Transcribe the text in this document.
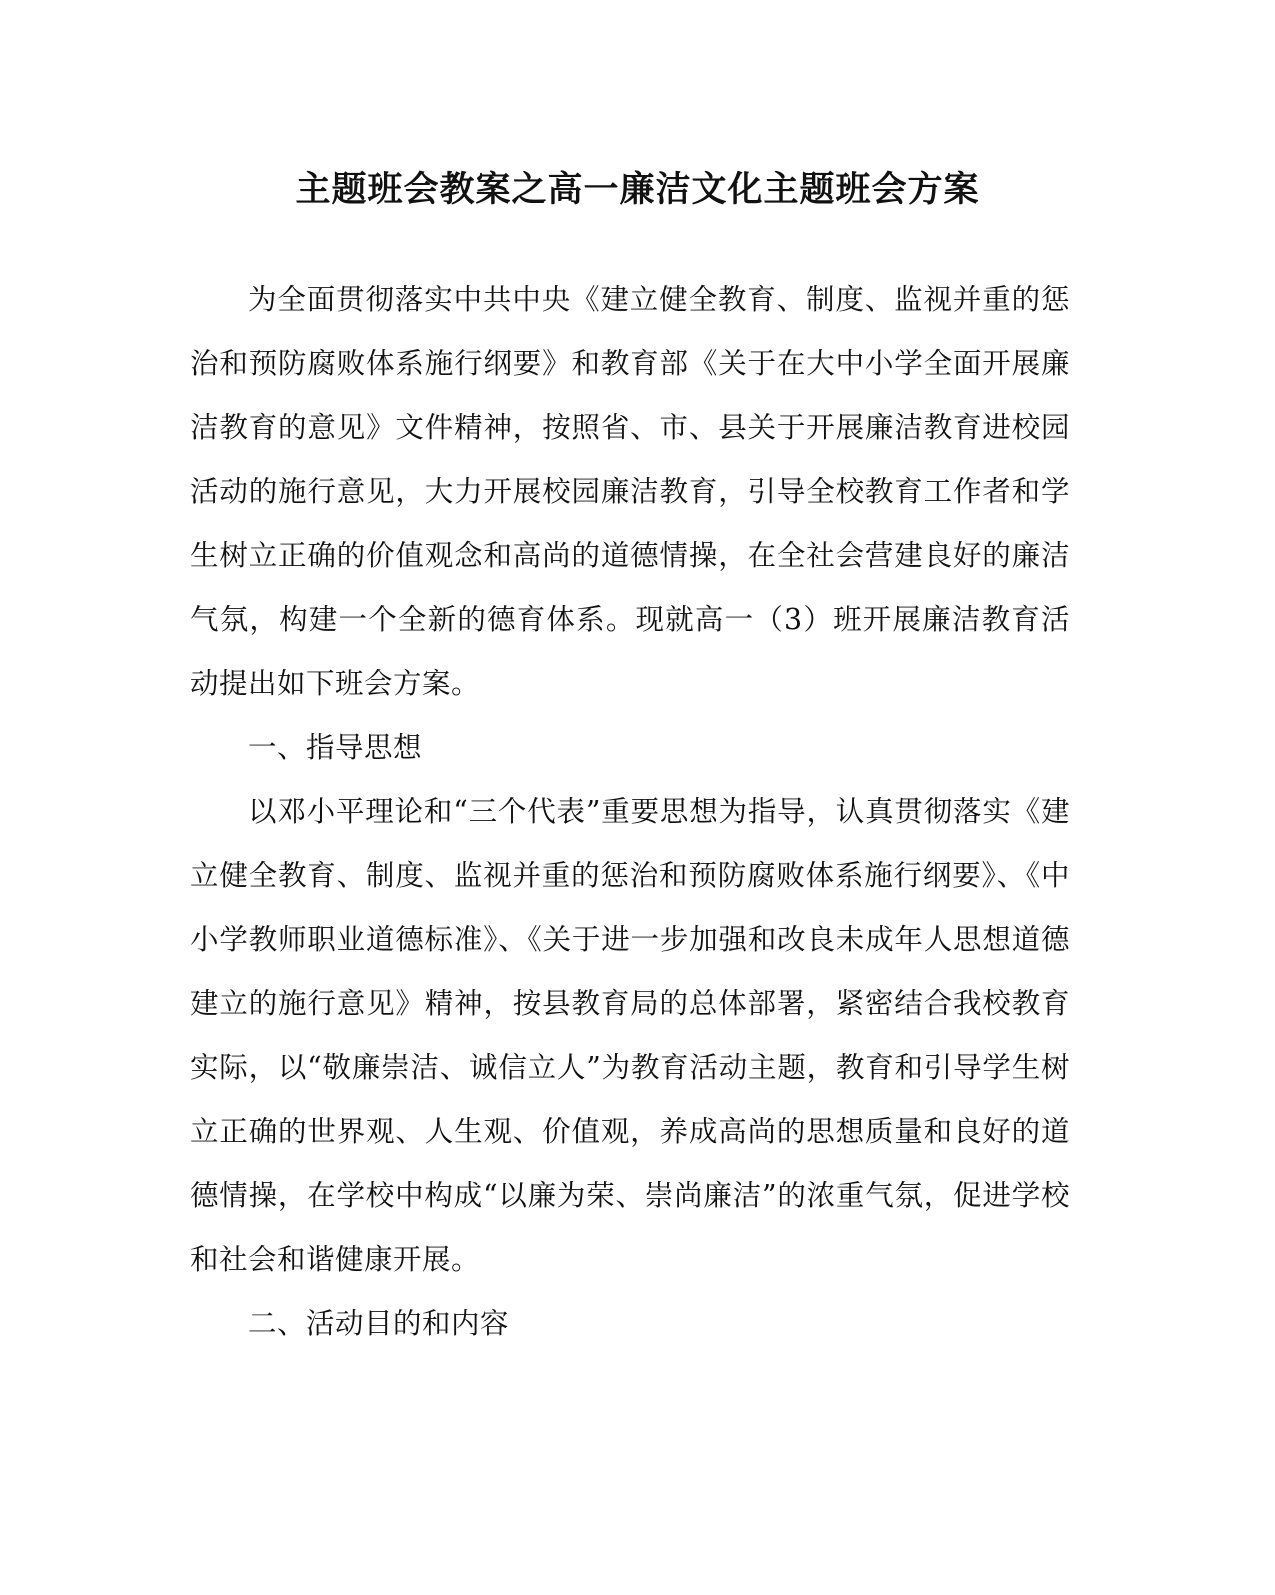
主题班会教案之高一廉洁文化主题班会方案

为全面贯彻落实中共中央《建立健全教育、制度、监视并重的惩治和预防腐败体系施行纲要》和教育部《关于在大中小学全面开展廉洁教育的意见》文件精神，按照省、市、县关于开展廉洁教育进校园活动的施行意见，大力开展校园廉洁教育，引导全校教育工作者和学生树立正确的价值观念和高尚的道德情操，在全社会营建良好的廉洁气氛，构建一个全新的德育体系。现就高一（3）班开展廉洁教育活动提出如下班会方案。

一、指导思想

以邓小平理论和“三个代表”重要思想为指导，认真贯彻落实《建立健全教育、制度、监视并重的惩治和预防腐败体系施行纲要》、《中小学教师职业道德标准》、《关于进一步加强和改良未成年人思想道德建立的施行意见》精神，按县教育局的总体部署，紧密结合我校教育实际，以“敬廉崇洁、诚信立人”为教育活动主题，教育和引导学生树立正确的世界观、人生观、价值观，养成高尚的思想质量和良好的道德情操，在学校中构成“以廉为荣、崇尚廉洁”的浓重气氛，促进学校和社会和谐健康开展。

二、活动目的和内容
